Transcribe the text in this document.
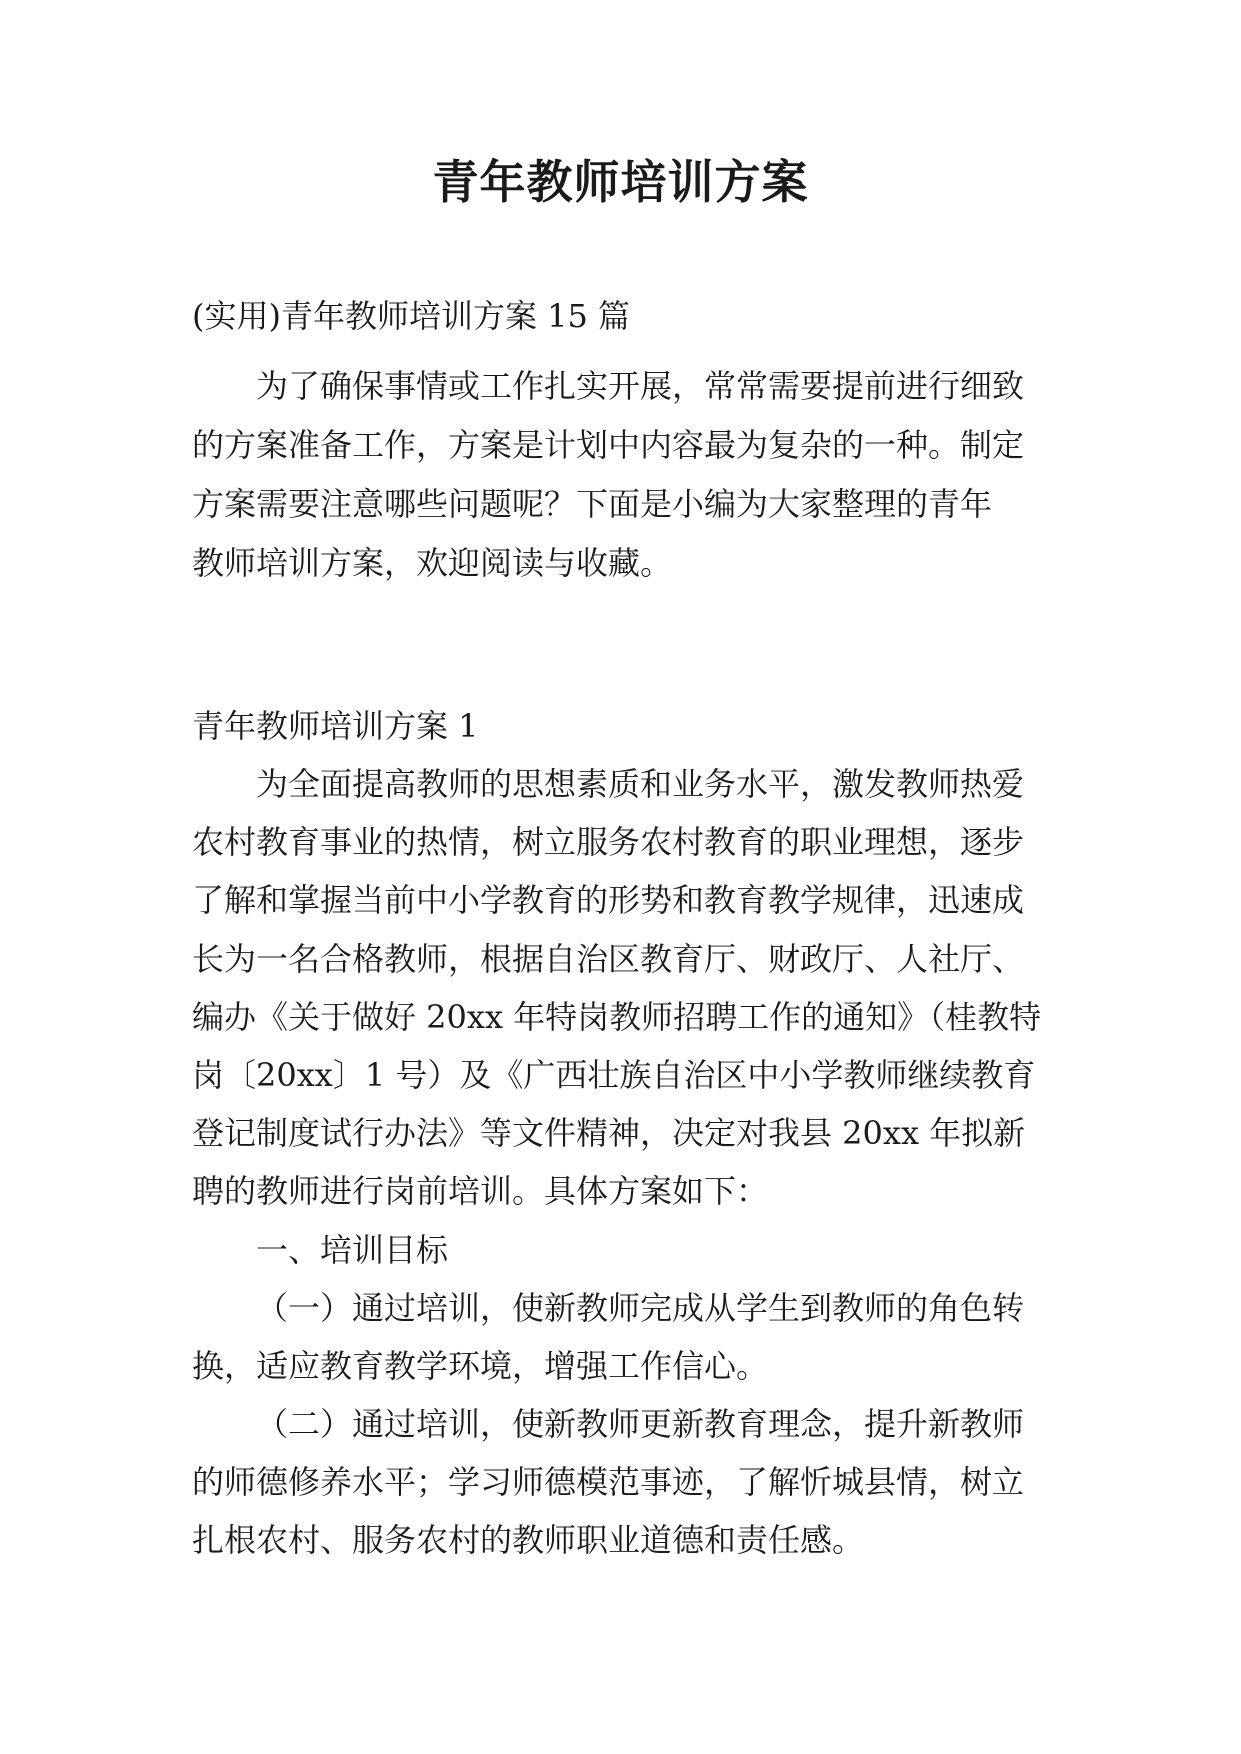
青年教师培训方案
(实用)青年教师培训方案 15 篇
为了确保事情或工作扎实开展，常常需要提前进行细致
的方案准备工作，方案是计划中内容最为复杂的一种。制定
方案需要注意哪些问题呢？下面是小编为大家整理的青年
教师培训方案，欢迎阅读与收藏。
青年教师培训方案 1
为全面提高教师的思想素质和业务水平，激发教师热爱
农村教育事业的热情，树立服务农村教育的职业理想，逐步
了解和掌握当前中小学教育的形势和教育教学规律，迅速成
长为一名合格教师，根据自治区教育厅、财政厅、人社厅、
编办《关于做好 20xx 年特岗教师招聘工作的通知》（桂教特
岗〔20xx〕1 号）及《广西壮族自治区中小学教师继续教育
登记制度试行办法》等文件精神，决定对我县 20xx 年拟新
聘的教师进行岗前培训。具体方案如下：
一、培训目标
（一）通过培训，使新教师完成从学生到教师的角色转
换，适应教育教学环境，增强工作信心。
（二）通过培训，使新教师更新教育理念，提升新教师
的师德修养水平；学习师德模范事迹，了解忻城县情，树立
扎根农村、服务农村的教师职业道德和责任感。
